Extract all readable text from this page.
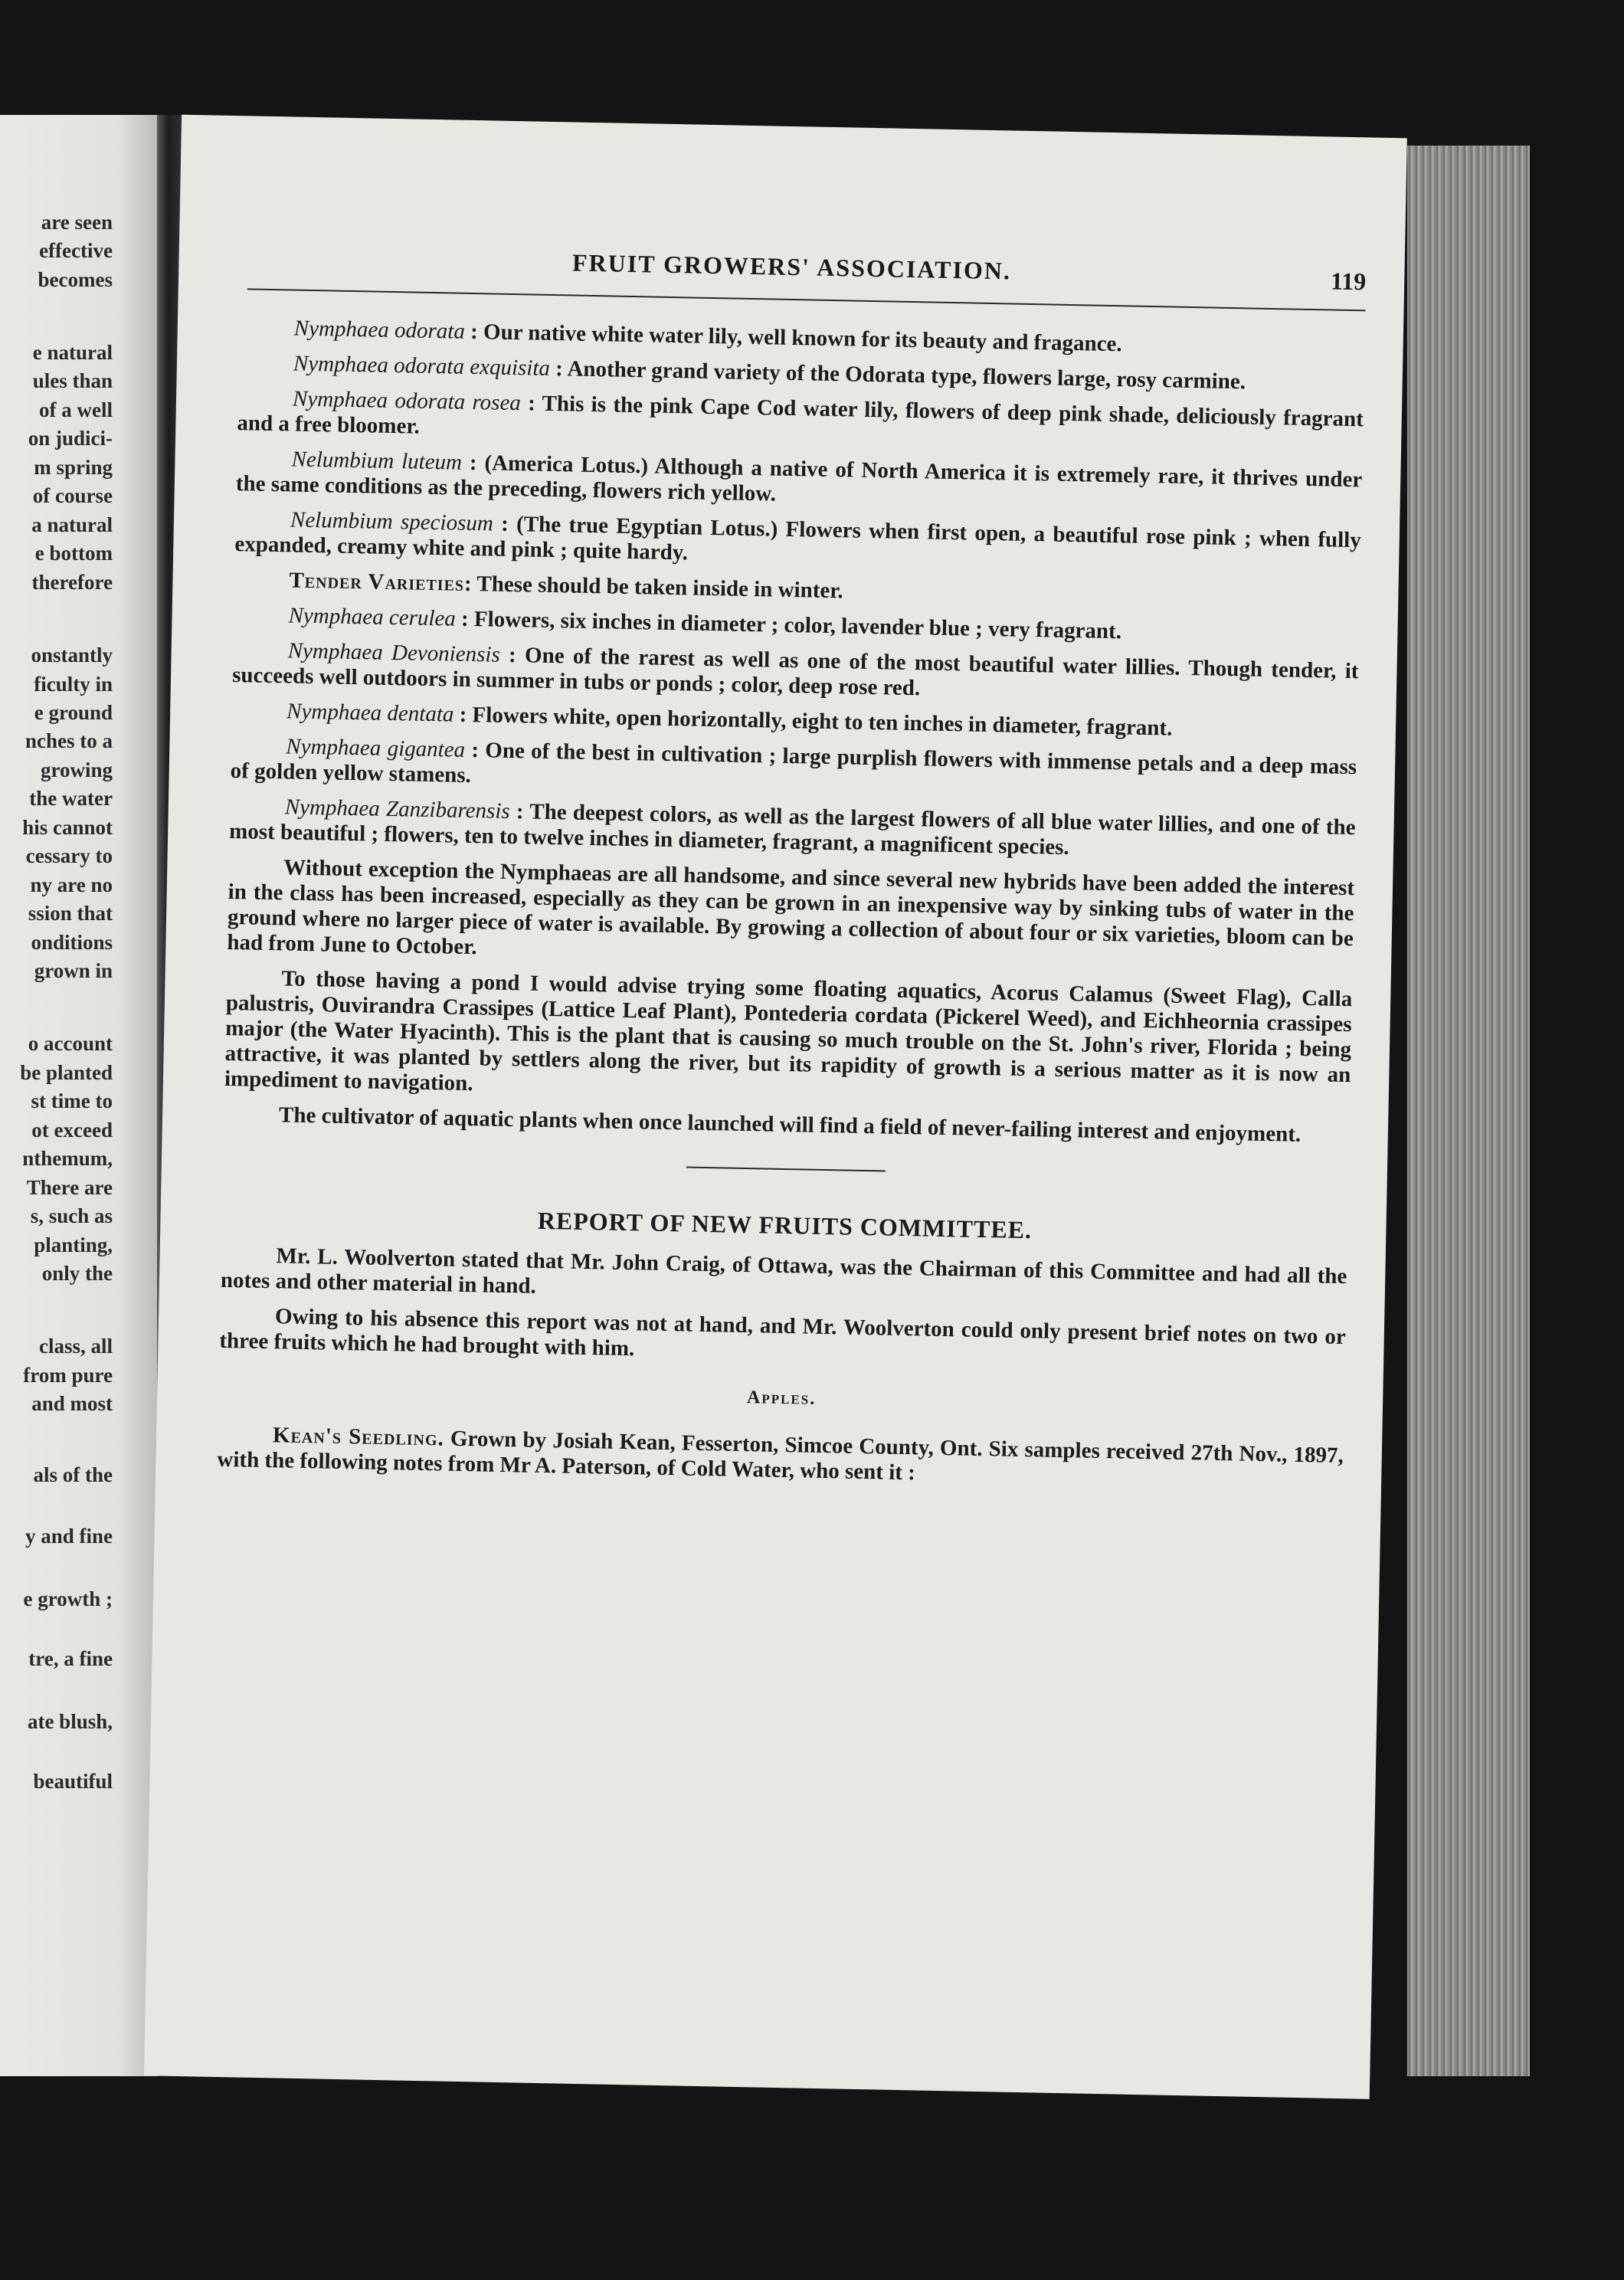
are seen
effective
becomes
e natural
ules than
of a well
on judici-
m spring
of course
a natural
e bottom
therefore
onstantly
ficulty in
e ground
nches to a
growing
the water
his cannot
cessary to
ny are no
ssion that
onditions
grown in
o account
be planted
st time to
ot exceed
nthemum,
There are
s, such as
planting,
only the
class, all
from pure
and most
als of the
y and fine
e growth ;
tre, a fine
ate blush,
beautiful
FRUIT GROWERS' ASSOCIATION.	119

Nymphaea odorata : Our native white water lily, well known for its beauty and fragance.

Nymphaea odorata exquisita : Another grand variety of the Odorata type, flowers large, rosy carmine.

Nymphaea odorata rosea : This is the pink Cape Cod water lily, flowers of deep pink shade, deliciously fragrant and a free bloomer.

Nelumbium luteum : (America Lotus.) Although a native of North America it is extremely rare, it thrives under the same conditions as the preceding, flowers rich yellow.

Nelumbium speciosum : (The true Egyptian Lotus.) Flowers when first open, a beautiful rose pink ; when fully expanded, creamy white and pink ; quite hardy.

Tender Varieties: These should be taken inside in winter.

Nymphaea cerulea : Flowers, six inches in diameter ; color, lavender blue ; very fragrant.

Nymphaea Devoniensis : One of the rarest as well as one of the most beautiful water lillies. Though tender, it succeeds well outdoors in summer in tubs or ponds ; color, deep rose red.

Nymphaea dentata : Flowers white, open horizontally, eight to ten inches in diameter, fragrant.

Nymphaea gigantea : One of the best in cultivation ; large purplish flowers with immense petals and a deep mass of golden yellow stamens.

Nymphaea Zanzibarensis : The deepest colors, as well as the largest flowers of all blue water lillies, and one of the most beautiful ; flowers, ten to twelve inches in diameter, fragrant, a magnificent species.

Without exception the Nymphaeas are all handsome, and since several new hybrids have been added the interest in the class has been increased, especially as they can be grown in an inexpensive way by sinking tubs of water in the ground where no larger piece of water is available. By growing a collection of about four or six varieties, bloom can be had from June to October.

To those having a pond I would advise trying some floating aquatics, Acorus Calamus (Sweet Flag), Calla palustris, Ouvirandra Crassipes (Lattice Leaf Plant), Pontederia cordata (Pickerel Weed), and Eichheornia crassipes major (the Water Hyacinth). This is the plant that is causing so much trouble on the St. John's river, Florida ; being attractive, it was planted by settlers along the river, but its rapidity of growth is a serious matter as it is now an impediment to navigation.

The cultivator of aquatic plants when once launched will find a field of never-failing interest and enjoyment.

REPORT OF NEW FRUITS COMMITTEE.

Mr. L. Woolverton stated that Mr. John Craig, of Ottawa, was the Chairman of this Committee and had all the notes and other material in hand.

Owing to his absence this report was not at hand, and Mr. Woolverton could only present brief notes on two or three fruits which he had brought with him.

Apples.

Kean's Seedling. Grown by Josiah Kean, Fesserton, Simcoe County, Ont. Six samples received 27th Nov., 1897, with the following notes from Mr A. Paterson, of Cold Water, who sent it :
